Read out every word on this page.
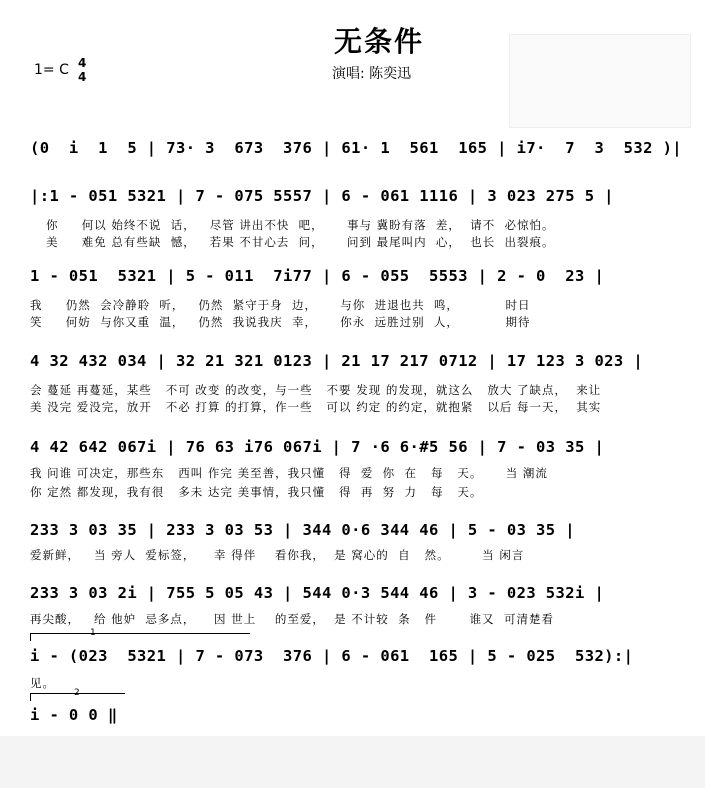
无条件
1= C 4
4	演唱: 陈奕迅
(0  i  1  5 | 73· 3  673  376 | 61· 1  561  165 | i7·  7  3  532 )|
|:1 - 051 5321 | 7 - 075 5557 | 6 - 061 1116 | 3 023 275 5 |
你     何以 始终不说  话，   尽管 讲出不快  吧，     事与 冀盼有落  差，  请不  必惊怕。
美     难免 总有些缺  憾，   若果 不甘心去  问，     问到 最尾叫内  心，  也长  出裂痕。
1 - 051  5321 | 5 - 011  7i77 | 6 - 055  5553 | 2 - 0  23 |
我     仍然  会冷静聆  听，   仍然  紧守于身  边，     与你  进退也共  鸣，          时日
笑     何妨  与你又重  温，   仍然  我说我庆  幸，     你永  远胜过别  人，          期待
4 32 432 034 | 32 21 321 0123 | 21 17 217 0712 | 17 123 3 023 |
会 蔓延 再蔓延，某些   不可 改变 的改变，与一些   不要 发现 的发现，就这么   放大 了缺点，  来让
美 没完 爱没完，放开   不必 打算 的打算，作一些   可以 约定 的约定，就抱紧   以后 每一天，  其实
4 42 642 067i | 76 63 i76 067i | 7 ·6 6·#5 56 | 7 - 03 35 |
我 问谁 可决定，那些东   西叫 作完 美至善，我只懂   得  爱  你  在   每   天。     当 潮流
你 定然 都发现，我有很   多未 达完 美事情，我只懂   得  再  努  力   每   天。
233 3 03 35 | 233 3 03 53 | 344 0·6 344 46 | 5 - 03 35 |
爱新鲜，   当 旁人  爱标签，    幸 得伴    看你我，  是 窝心的  自   然。       当 闲言
233 3 03 2i | 755 5 05 43 | 544 0·3 544 46 | 3 - 023 532i |
再尖酸，   给 他妒  忌多点，    因 世上    的至爱，  是 不计较  条   件       谁又  可清楚看
1
i - (023  5321 | 7 - 073  376 | 6 - 061  165 | 5 - 025  532):|
见。
2
i - 0 0 ‖
